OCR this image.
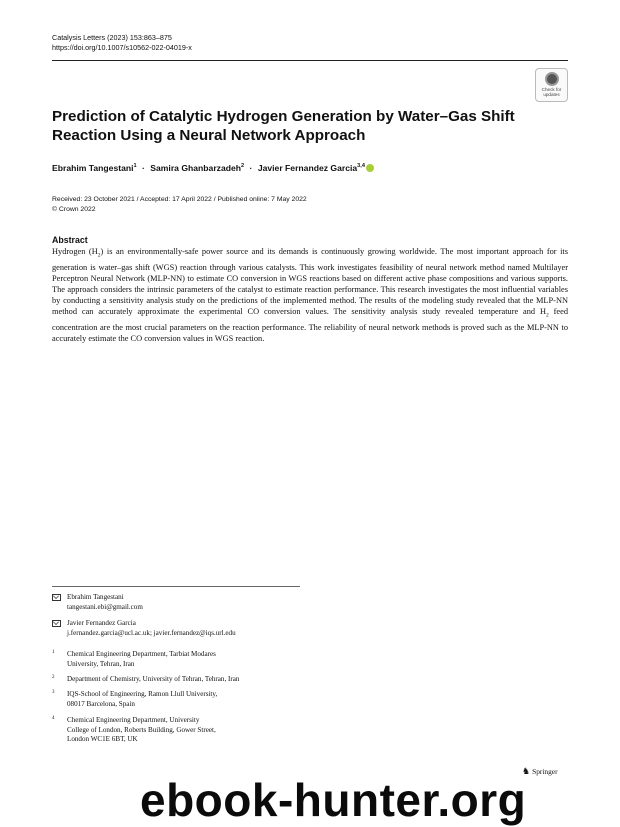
Catalysis Letters (2023) 153:863–875
https://doi.org/10.1007/s10562-022-04019-x
Check for
updates
Prediction of Catalytic Hydrogen Generation by Water–Gas Shift Reaction Using a Neural Network Approach
Ebrahim Tangestani$^1$ · Samira Ghanbarzadeh$^2$ · Javier Fernandez Garcia$^{3,4}$
Received: 23 October 2021 / Accepted: 17 April 2022 / Published online: 7 May 2022
© Crown 2022
Abstract
Hydrogen $(H_2)$ is an environmentally-safe power source and its demands is continuously growing worldwide. The most important approach for its generation is water–gas shift (WGS) reaction through various catalysts. This work investigates feasibility of neural network method named Multilayer Perceptron Neural Network (MLP-NN) to estimate CO conversion in WGS reactions based on different active phase compositions and various supports. The approach considers the intrinsic parameters of the catalyst to estimate reaction performance. This research investigates the most influential variables by conducting a sensitivity analysis study on the predictions of the implemented method. The results of the modeling study revealed that the MLP-NN method can accurately approximate the experimental CO conversion values. The sensitivity analysis study revealed temperature and $H_2$ feed concentration are the most crucial parameters on the reaction performance. The reliability of neural network methods is proved such as the MLP-NN to accurately estimate the CO conversion values in WGS reaction.
Ebrahim Tangestani
tangestani.ebi@gmail.com
Javier Fernandez Garcia
j.fernandez.garcia@ucl.ac.uk; javier.fernandez@iqs.url.edu
1 Chemical Engineering Department, Tarbiat Modares
University, Tehran, Iran
2 Department of Chemistry, University of Tehran, Tehran, Iran
3 IQS-School of Engineering, Ramon Llull University,
08017 Barcelona, Spain
4 Chemical Engineering Department, University
College of London, Roberts Building, Gower Street,
London WC1E 6BT, UK
♞ Springer
ebook-hunter.org
